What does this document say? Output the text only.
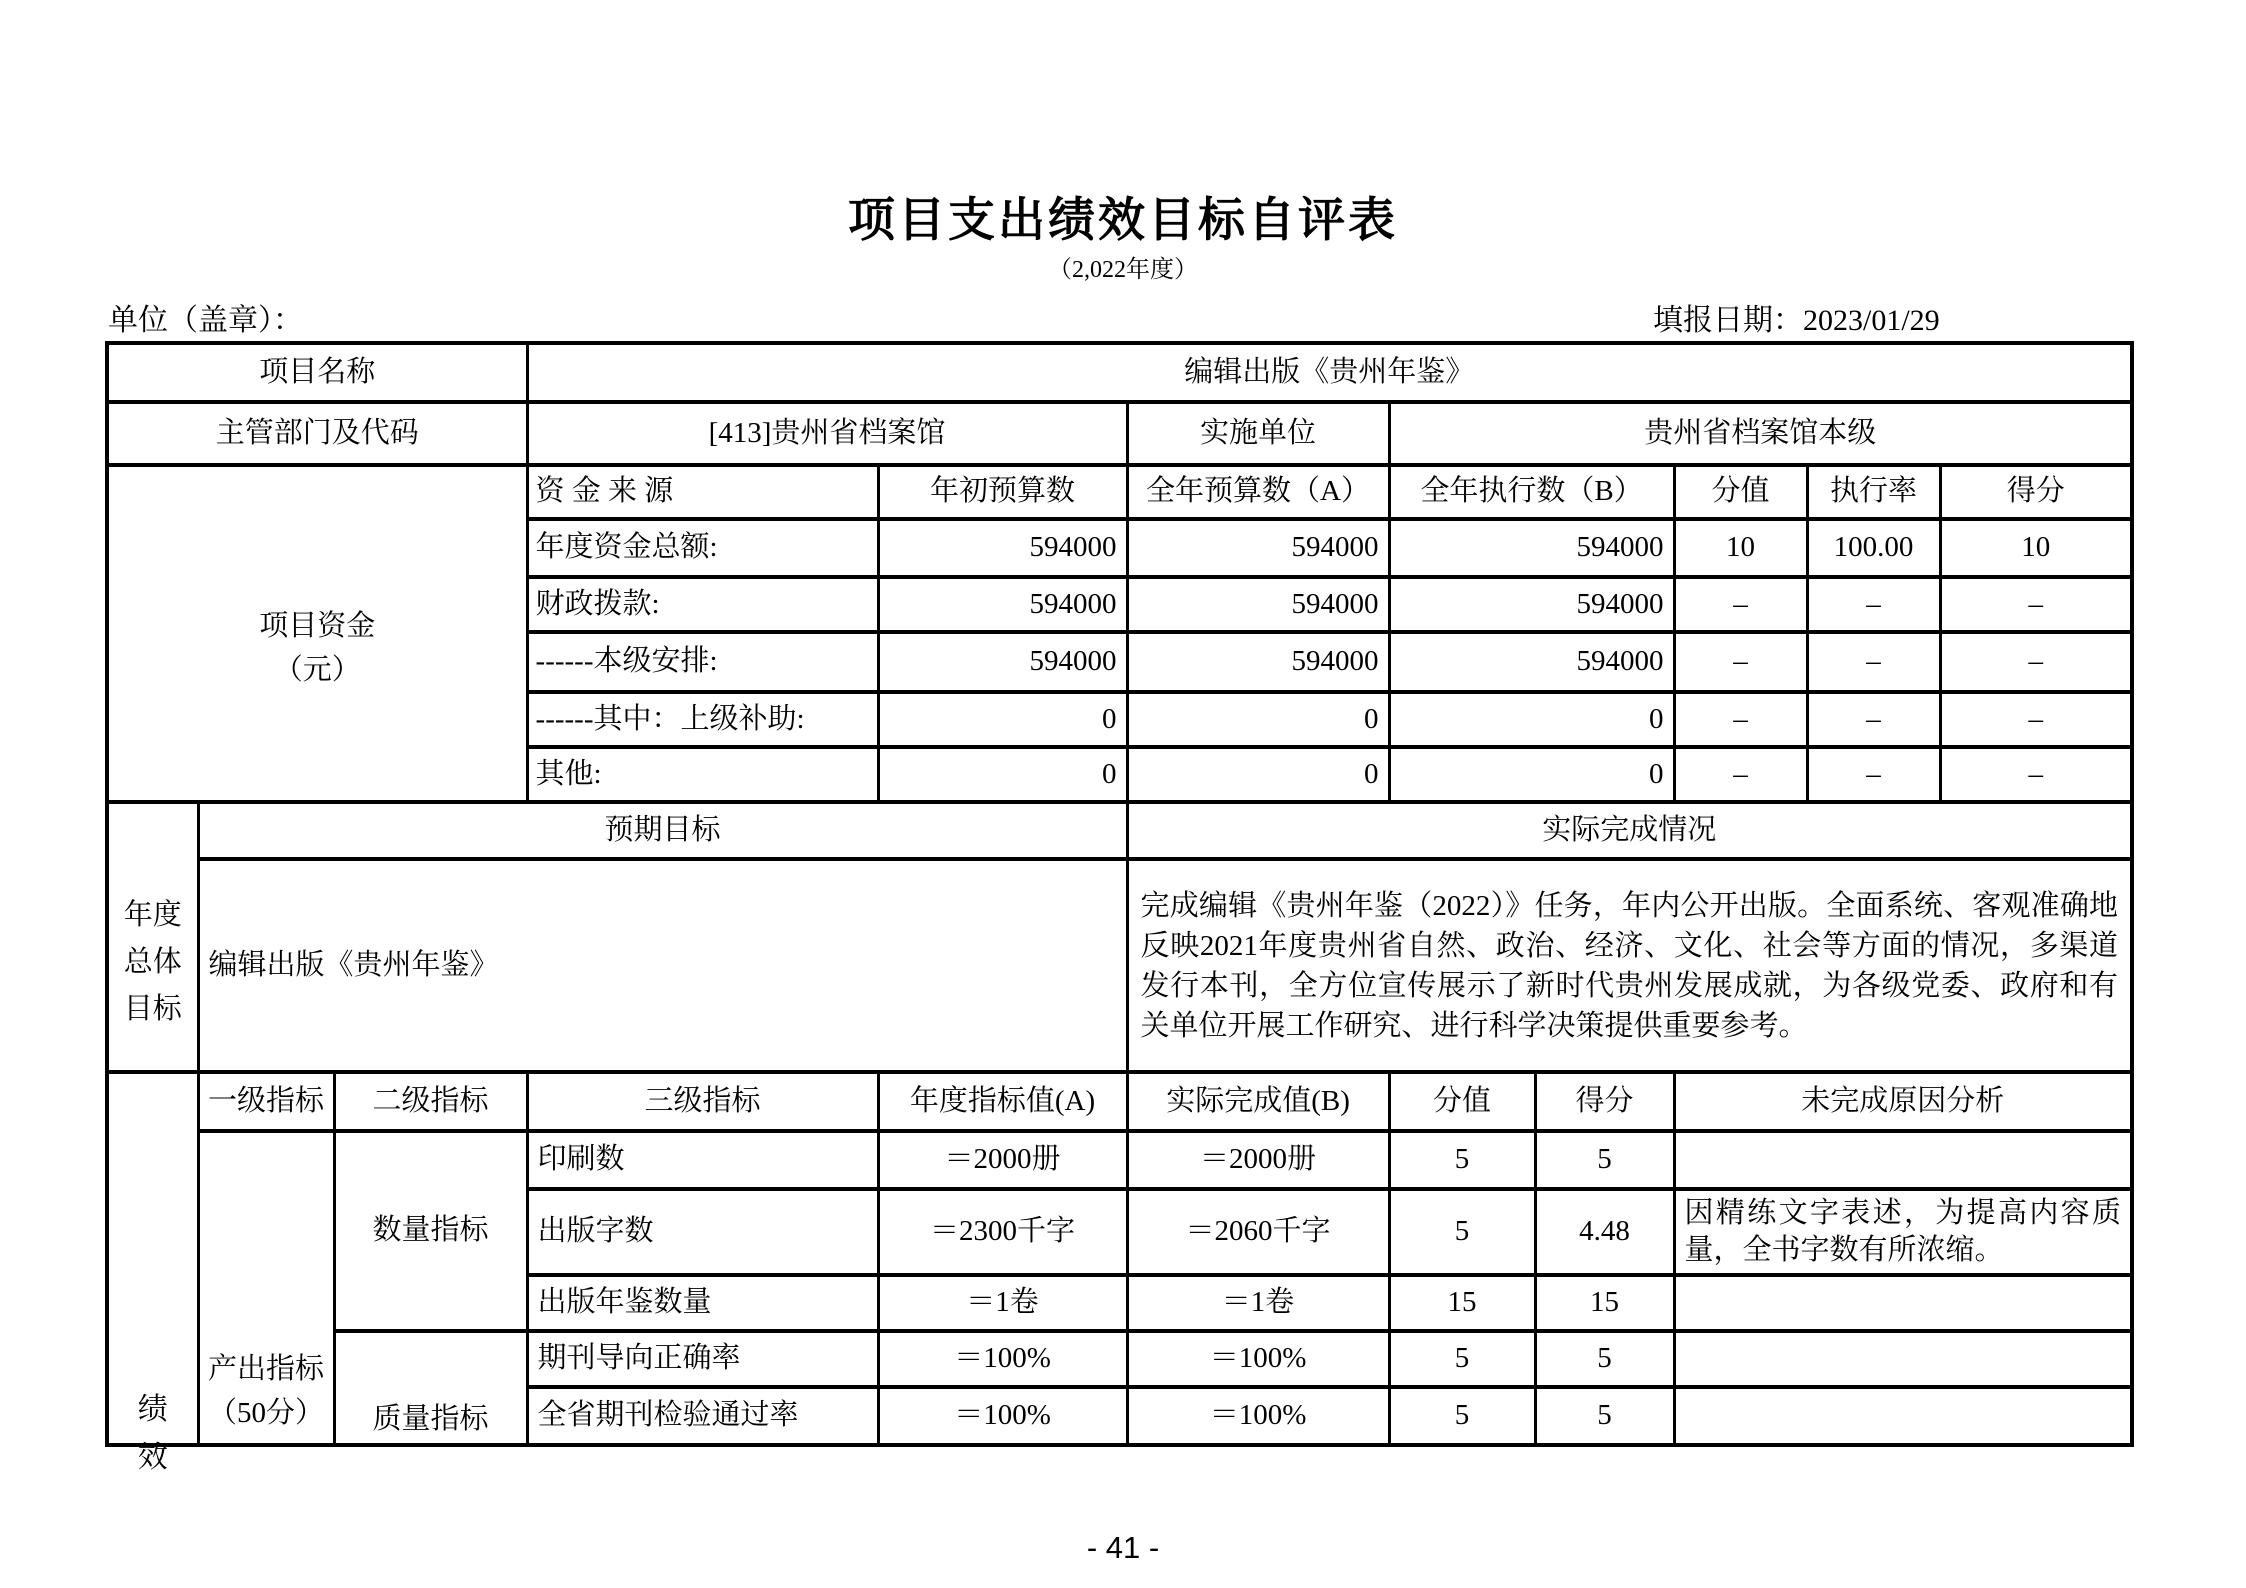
项目支出绩效目标自评表
（2,022年度）
单位（盖章）：	填报日期：2023/01/29
项目名称			编辑出版《贵州年鉴》							
主管部门及代码			[413]贵州省档案馆		实施单位	贵州省档案馆本级				

项目资金
（元）			资 金 来 源	年初预算数	全年预算数（A）	全年执行数（B）		分值	执行率	得分
			年度资金总额:	594000	594000	594000		10	100.00	10
			财政拨款:	594000	594000	594000		–	–	–
			------本级安排:	594000	594000	594000		–	–	–
			------其中：上级补助:	0	0	0		–	–	–
			其他:	0	0	0		–	–	–

年度
总体
目标	预期目标				实际完成情况					
	编辑出版《贵州年鉴》				完成编辑《贵州年鉴（2022）》任务，年内公开出版。全面系统、客观准确地反映2021年度贵州省自然、政治、经济、文化、社会等方面的情况，多渠道发行本刊，全方位宣传展示了新时代贵州发展成就，为各级党委、政府和有关单位开展工作研究、进行科学决策提供重要参考。					

绩
效	一级指标	二级指标	三级指标	年度指标值(A)	实际完成值(B)	分值	得分	未完成原因分析		

	产出指标
（50分）	数量指标	印刷数	＝2000册	＝2000册	5	5			
			出版字数	＝2300千字	＝2060千字	5	4.48	因精练文字表述，为提高内容质量，全书字数有所浓缩。		
			出版年鉴数量	＝1卷	＝1卷	15	15			
		质量指标	期刊导向正确率	＝100%	＝100%	5	5			
			全省期刊检验通过率	＝100%	＝100%	5	5			
- 41 -
